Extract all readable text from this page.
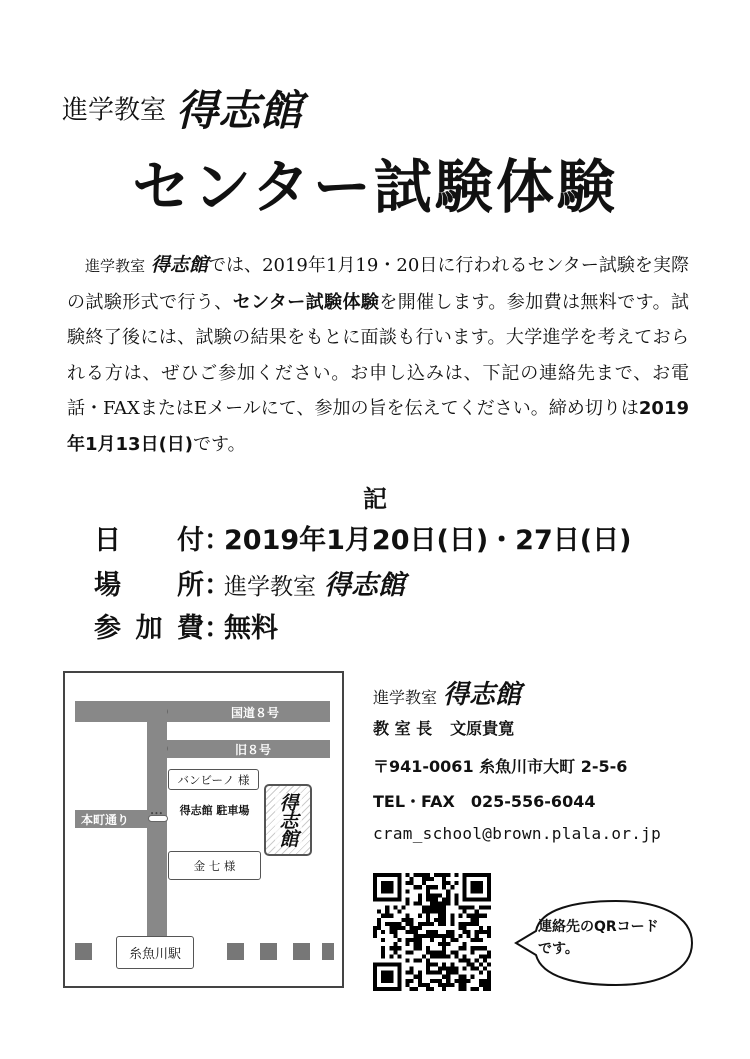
進学教室 得志館
センター試験体験
進学教室 得志館では、2019年1月19・20日に行われるセンター試験を実際の試験形式で行う、センター試験体験を開催します。参加費は無料です。試験終了後には、試験の結果をもとに面談も行います。大学進学を考えておられる方は、ぜひご参加ください。お申し込みは、下記の連絡先まで、お電話・FAXまたはEメールにて、参加の旨を伝えてください。締め切りは2019年1月13日(日)です。
記
日付：2019年1月20日(日)・27日(日)
場所：進学教室 得志館
参加費：無料
国道８号
• • •
旧８号
• • •
本町通り
• • •
バンビーノ 様
得志館 駐車場
金 七 様
得志館
糸魚川駅
進学教室 得志館
教 室 長 文原貴寛
〒941-0061 糸魚川市大町 2-5-6
TEL・FAX　025-556-6044
cram_school@brown.plala.or.jp
連絡先のQRコードです。
